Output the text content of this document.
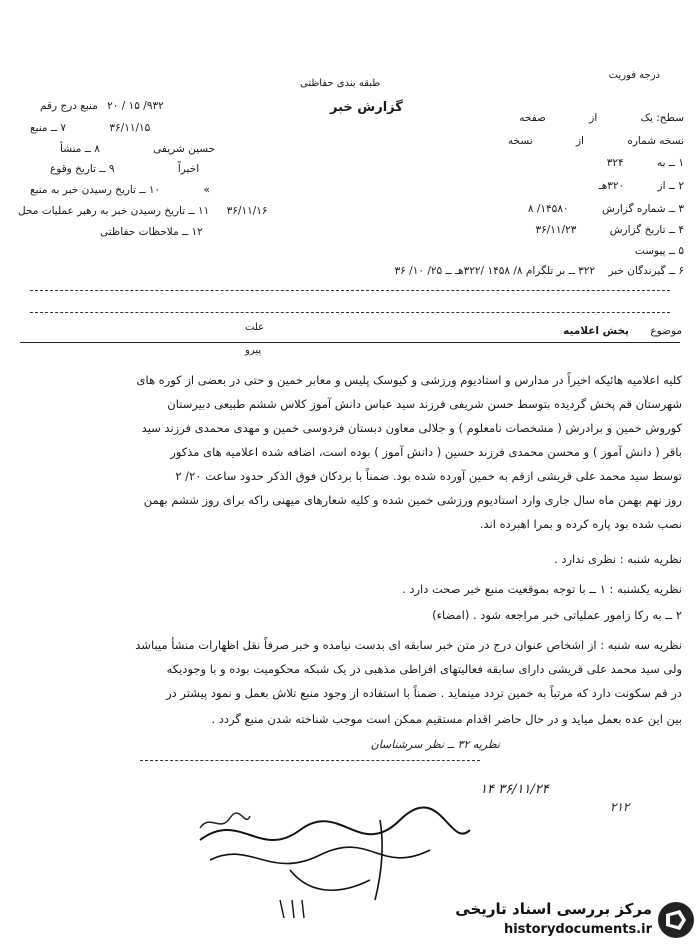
درجه فوریت
طبقه بندی حفاظتی
گزارش خبر
سطح: یک از صفحه
نسخه شماره از نسخه
۱ ــ به ۳۲۴
۲ ــ از ۳۲۰هـ
۳ ــ شماره گزارش ۱۴۵۸۰/ ۸
۴ ــ تاریخ گزارش ۳۶/۱۱/۲۳
۵ ــ پیوست
۶ ــ گیرندگان خبر ۳۲۲ ــ بر تلگرام ۸/ ۱۴۵۸ /۳۲۲هـ ــ ۲۵/ ۱۰/ ۳۶
۹۳۲/ ۱۵ / ۲۰ منبع درج رقم
۳۶/۱۱/۱۵ ۷ ــ منبع
حسین شریفی ۸ ــ منشأ
اخیراً ۹ ــ تاریخ وقوع
» ۱۰ ــ تاریخ رسیدن خبر به منبع
۳۶/۱۱/۱۶ ۱۱ ــ تاریخ رسیدن خبر به رهبر عملیات محل
۱۲ ــ ملاحظات حفاظتی
موضوع پخش اعلامیه
علت
پیرو
کلیه اعلامیه هائیکه اخیراً در مدارس و استادیوم ورزشی و کیوسک پلیس و معابر خمین و حتی در بعضی از کوره های
شهرستان قم پخش گردیده بتوسط حسن شریفی فرزند سید عباس دانش آموز کلاس ششم طبیعی دبیرستان
کوروش خمین و برادرش ( مشخصات نامعلوم ) و جلالی معاون دبستان فردوسی خمین و مهدی محمدی فرزند سید
باقر ( دانش آموز ) و محسن محمدی فرزند حسین ( دانش آموز ) بوده است، اضافه شده اعلامیه های مذکور
توسط سید محمد علی قریشی ازقم به خمین آورده شده بود. ضمناً با بردکان فوق الذکر حدود ساعت ۲۰/ ۲
روز نهم بهمن ماه سال جاری وارد استادیوم ورزشی خمین شده و کلیه شعارهای میهنی راکه برای روز ششم بهمن
نصب شده بود پاره کرده و بمرا اهبرده اند.
نظریه شنبه : نظری ندارد .
نظریه یکشنبه : ۱ ــ با توجه بموقعیت منبع خبر صحت دارد .
۲ ــ به رکا زامور عملیاتی خبر مراجعه شود . (امضاء)
نظریه سه شنبه : از اشخاص عنوان درج در متن خبر سابقه ای بدست نیامده و خبر صرفاً نقل اظهارات منشأ میباشد
ولی سید محمد علی قریشی دارای سابقه فعالیتهای افراطی مذهبی در یک شبکه محکومیت بوده و با وجودیکه
در قم سکونت دارد که مرتباً به خمین تردد مینماید . ضمناً با استفاده از وجود منبع تلاش بعمل و نمود پیشتر در
بین این عده بعمل میاید و در حال حاضر اقدام مستقیم ممکن است موجب شناخته شدن منبع گردد .
نظریه ۳۲ ــ نظر سرشناسان
۳۶/۱۱/۲۴ ۱۴
۲۱۲
مرکز بررسی اسناد تاریخی
historydocuments.ir
